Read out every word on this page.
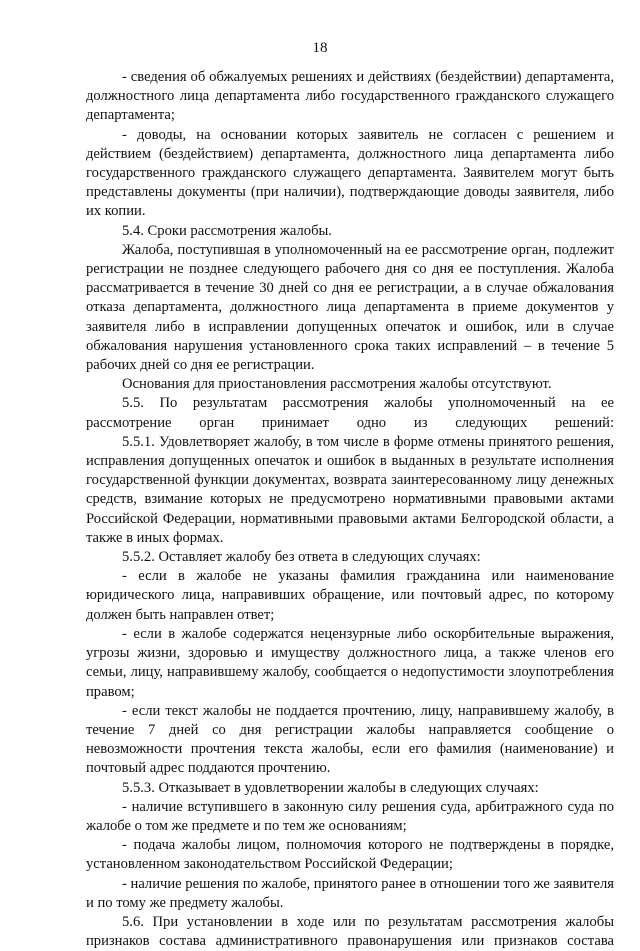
18

- сведения об обжалуемых решениях и действиях (бездействии) департамента, должностного лица департамента либо государственного гражданского служащего департамента;

- доводы, на основании которых заявитель не согласен с решением и действием (бездействием) департамента, должностного лица департамента либо государственного гражданского служащего департамента. Заявителем могут быть представлены документы (при наличии), подтверждающие доводы заявителя, либо их копии.

5.4. Сроки рассмотрения жалобы.

Жалоба, поступившая в уполномоченный на ее рассмотрение орган, подлежит регистрации не позднее следующего рабочего дня со дня ее поступления. Жалоба рассматривается в течение 30 дней со дня ее регистрации, а в случае обжалования отказа департамента, должностного лица департамента в приеме документов у заявителя либо в исправлении допущенных опечаток и ошибок, или в случае обжалования нарушения установленного срока таких исправлений – в течение 5 рабочих дней со дня ее регистрации.

Основания для приостановления рассмотрения жалобы отсутствуют.

5.5. По результатам рассмотрения жалобы уполномоченный на ее рассмотрение орган принимает одно из следующих решений:

5.5.1. Удовлетворяет жалобу, в том числе в форме отмены принятого решения, исправления допущенных опечаток и ошибок в выданных в результате исполнения государственной функции документах, возврата заинтересованному лицу денежных средств, взимание которых не предусмотрено нормативными правовыми актами Российской Федерации, нормативными правовыми актами Белгородской области, а также в иных формах.

5.5.2. Оставляет жалобу без ответа в следующих случаях:

- если в жалобе не указаны фамилия гражданина или наименование юридического лица, направивших обращение, или почтовый адрес, по которому должен быть направлен ответ;

- если в жалобе содержатся нецензурные либо оскорбительные выражения, угрозы жизни, здоровью и имуществу должностного лица, а также членов его семьи, лицу, направившему жалобу, сообщается о недопустимости злоупотребления правом;

- если текст жалобы не поддается прочтению, лицу, направившему жалобу, в течение 7 дней со дня регистрации жалобы направляется сообщение о невозможности прочтения текста жалобы, если его фамилия (наименование) и почтовый адрес поддаются прочтению.

5.5.3. Отказывает в удовлетворении жалобы в следующих случаях:

- наличие вступившего в законную силу решения суда, арбитражного суда по жалобе о том же предмете и по тем же основаниям;

- подача жалобы лицом, полномочия которого не подтверждены в порядке, установленном законодательством Российской Федерации;

- наличие решения по жалобе, принятого ранее в отношении того же заявителя и по тому же предмету жалобы.

5.6. При установлении в ходе или по результатам рассмотрения жалобы признаков состава административного правонарушения или признаков состава
